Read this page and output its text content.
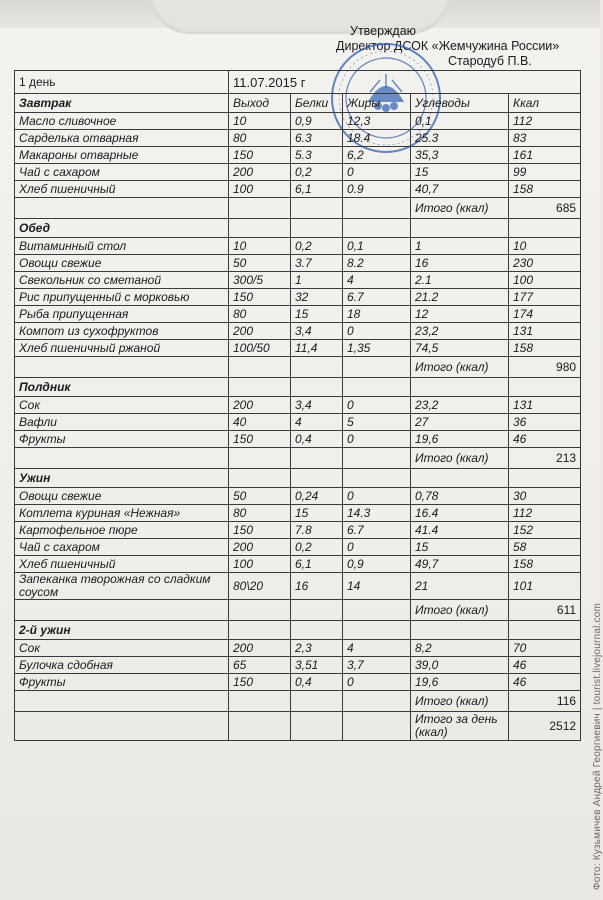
Утверждаю
Директор ДСОК «Жемчужина России»
Стародуб П.В.
1 день	11.07.2015 г				
Завтрак	Выход	Белки	Жиры	Углеводы	Ккал
Масло сливочное	10	0,9	12,3	0,1	112
Сарделька отварная	80	6.3	18.4	25.3	83
Макароны отварные	150	5.3	6,2	35,3	161
Чай с сахаром	200	0,2	0	15	99
Хлеб пшеничный	100	6,1	0.9	40,7	158
				Итого (ккал)	685
Обед					
Витаминный стол	10	0,2	0,1	1	10
Овощи свежие	50	3.7	8.2	16	230
Свекольник со сметаной	300/5	1	4	2.1	100
Рис припущенный с морковью	150	32	6.7	21.2	177
Рыба припущенная	80	15	18	12	174
Компот из сухофруктов	200	3,4	0	23,2	131
Хлеб пшеничный ржаной	100/50	11,4	1,35	74,5	158
				Итого (ккал)	980
Полдник					
Сок	200	3,4	0	23,2	131
Вафли	40	4	5	27	36
Фрукты	150	0,4	0	19,6	46
				Итого (ккал)	213
Ужин					
Овощи свежие	50	0,24	0	0,78	30
Котлета куриная «Нежная»	80	15	14.3	16.4	112
Картофельное пюре	150	7.8	6.7	41.4	152
Чай с сахаром	200	0,2	0	15	58
Хлеб пшеничный	100	6,1	0,9	49,7	158
Запеканка творожная со сладким соусом	80\20	16	14	21	101
				Итого (ккал)	611
2-й ужин					
Сок	200	2,3	4	8,2	70
Булочка сдобная	65	3,51	3,7	39,0	46
Фрукты	150	0,4	0	19,6	46
				Итого (ккал)	116
				Итого за день (ккал)	2512 Фото: Кузьмичев Андрей Георгиевич | tourist.livejournal.com
